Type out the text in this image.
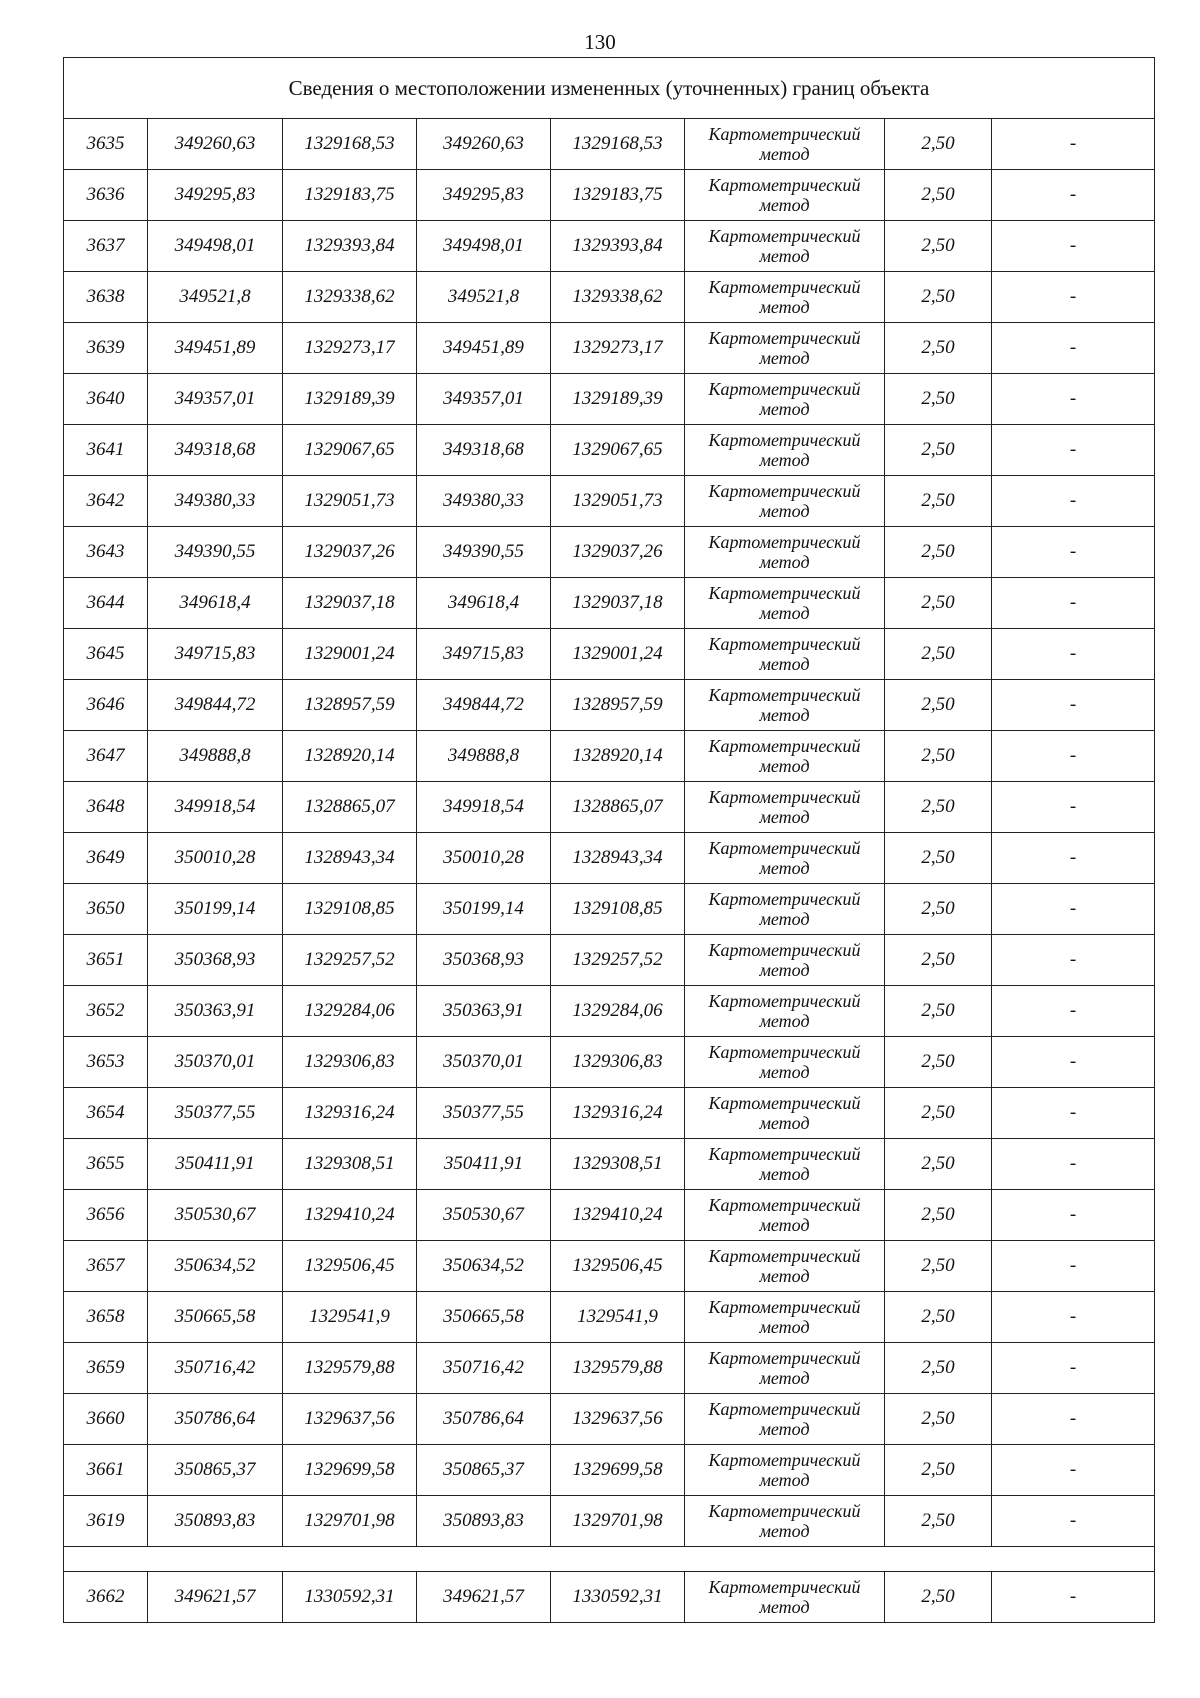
130
Сведения о местоположении измененных (уточненных) границ объекта							
3635	349260,63	1329168,53	349260,63	1329168,53	Картометрический
метод	2,50	-
3636	349295,83	1329183,75	349295,83	1329183,75	Картометрический
метод	2,50	-
3637	349498,01	1329393,84	349498,01	1329393,84	Картометрический
метод	2,50	-
3638	349521,8	1329338,62	349521,8	1329338,62	Картометрический
метод	2,50	-
3639	349451,89	1329273,17	349451,89	1329273,17	Картометрический
метод	2,50	-
3640	349357,01	1329189,39	349357,01	1329189,39	Картометрический
метод	2,50	-
3641	349318,68	1329067,65	349318,68	1329067,65	Картометрический
метод	2,50	-
3642	349380,33	1329051,73	349380,33	1329051,73	Картометрический
метод	2,50	-
3643	349390,55	1329037,26	349390,55	1329037,26	Картометрический
метод	2,50	-
3644	349618,4	1329037,18	349618,4	1329037,18	Картометрический
метод	2,50	-
3645	349715,83	1329001,24	349715,83	1329001,24	Картометрический
метод	2,50	-
3646	349844,72	1328957,59	349844,72	1328957,59	Картометрический
метод	2,50	-
3647	349888,8	1328920,14	349888,8	1328920,14	Картометрический
метод	2,50	-
3648	349918,54	1328865,07	349918,54	1328865,07	Картометрический
метод	2,50	-
3649	350010,28	1328943,34	350010,28	1328943,34	Картометрический
метод	2,50	-
3650	350199,14	1329108,85	350199,14	1329108,85	Картометрический
метод	2,50	-
3651	350368,93	1329257,52	350368,93	1329257,52	Картометрический
метод	2,50	-
3652	350363,91	1329284,06	350363,91	1329284,06	Картометрический
метод	2,50	-
3653	350370,01	1329306,83	350370,01	1329306,83	Картометрический
метод	2,50	-
3654	350377,55	1329316,24	350377,55	1329316,24	Картометрический
метод	2,50	-
3655	350411,91	1329308,51	350411,91	1329308,51	Картометрический
метод	2,50	-
3656	350530,67	1329410,24	350530,67	1329410,24	Картометрический
метод	2,50	-
3657	350634,52	1329506,45	350634,52	1329506,45	Картометрический
метод	2,50	-
3658	350665,58	1329541,9	350665,58	1329541,9	Картометрический
метод	2,50	-
3659	350716,42	1329579,88	350716,42	1329579,88	Картометрический
метод	2,50	-
3660	350786,64	1329637,56	350786,64	1329637,56	Картометрический
метод	2,50	-
3661	350865,37	1329699,58	350865,37	1329699,58	Картометрический
метод	2,50	-
3619	350893,83	1329701,98	350893,83	1329701,98	Картометрический
метод	2,50	-

3662	349621,57	1330592,31	349621,57	1330592,31	Картометрический
метод	2,50	-
